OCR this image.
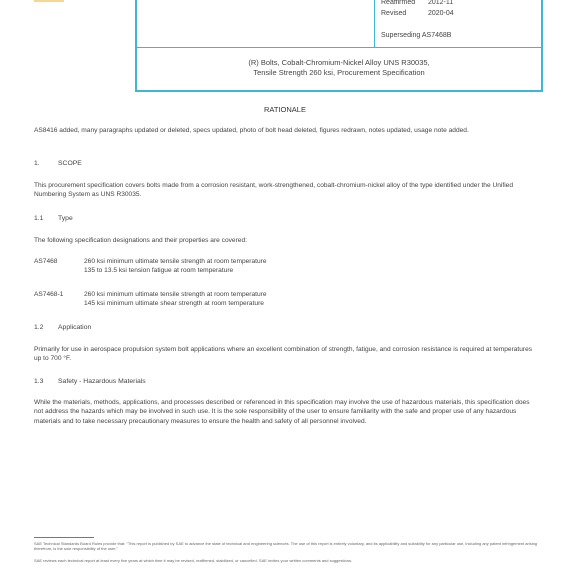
Reaffirmed 2012-11
Revised	2020-04
Superseding AS7468B
(R) Bolts, Cobalt-Chromium-Nickel Alloy UNS R30035,
Tensile Strength 260 ksi, Procurement Specification
RATIONALE
AS8416 added, many paragraphs updated or deleted, specs updated, photo of bolt head deleted, figures redrawn, notes updated, usage note added.
1.	SCOPE
This procurement specification covers bolts made from a corrosion resistant, work-strengthened, cobalt-chromium-nickel alloy of the type identified under the Unified Numbering System as UNS R30035.
1.1 Type
The following specification designations and their properties are covered:
AS7468	260 ksi minimum ultimate tensile strength at room temperature
135 to 13.5 ksi tension fatigue at room temperature
AS7468-1	260 ksi minimum ultimate tensile strength at room temperature
145 ksi minimum ultimate shear strength at room temperature
1.2 Application
Primarily for use in aerospace propulsion system bolt applications where an excellent combination of strength, fatigue, and corrosion resistance is required at temperatures up to 700 °F.
1.3 Safety - Hazardous Materials
While the materials, methods, applications, and processes described or referenced in this specification may involve the use of hazardous materials, this specification does not address the hazards which may be involved in such use. It is the sole responsibility of the user to ensure familiarity with the safe and proper use of any hazardous materials and to take necessary precautionary measures to ensure the health and safety of all personnel involved.
SAE Technical Standards Board Rules provide that: "This report is published by SAE to advance the state of technical and engineering sciences. The use of this report is entirely voluntary, and its applicability and suitability for any particular use, including any patent infringement arising therefrom, is the sole responsibility of the user."
SAE reviews each technical report at least every five years at which time it may be revised, reaffirmed, stabilized, or cancelled. SAE invites your written comments and suggestions.
